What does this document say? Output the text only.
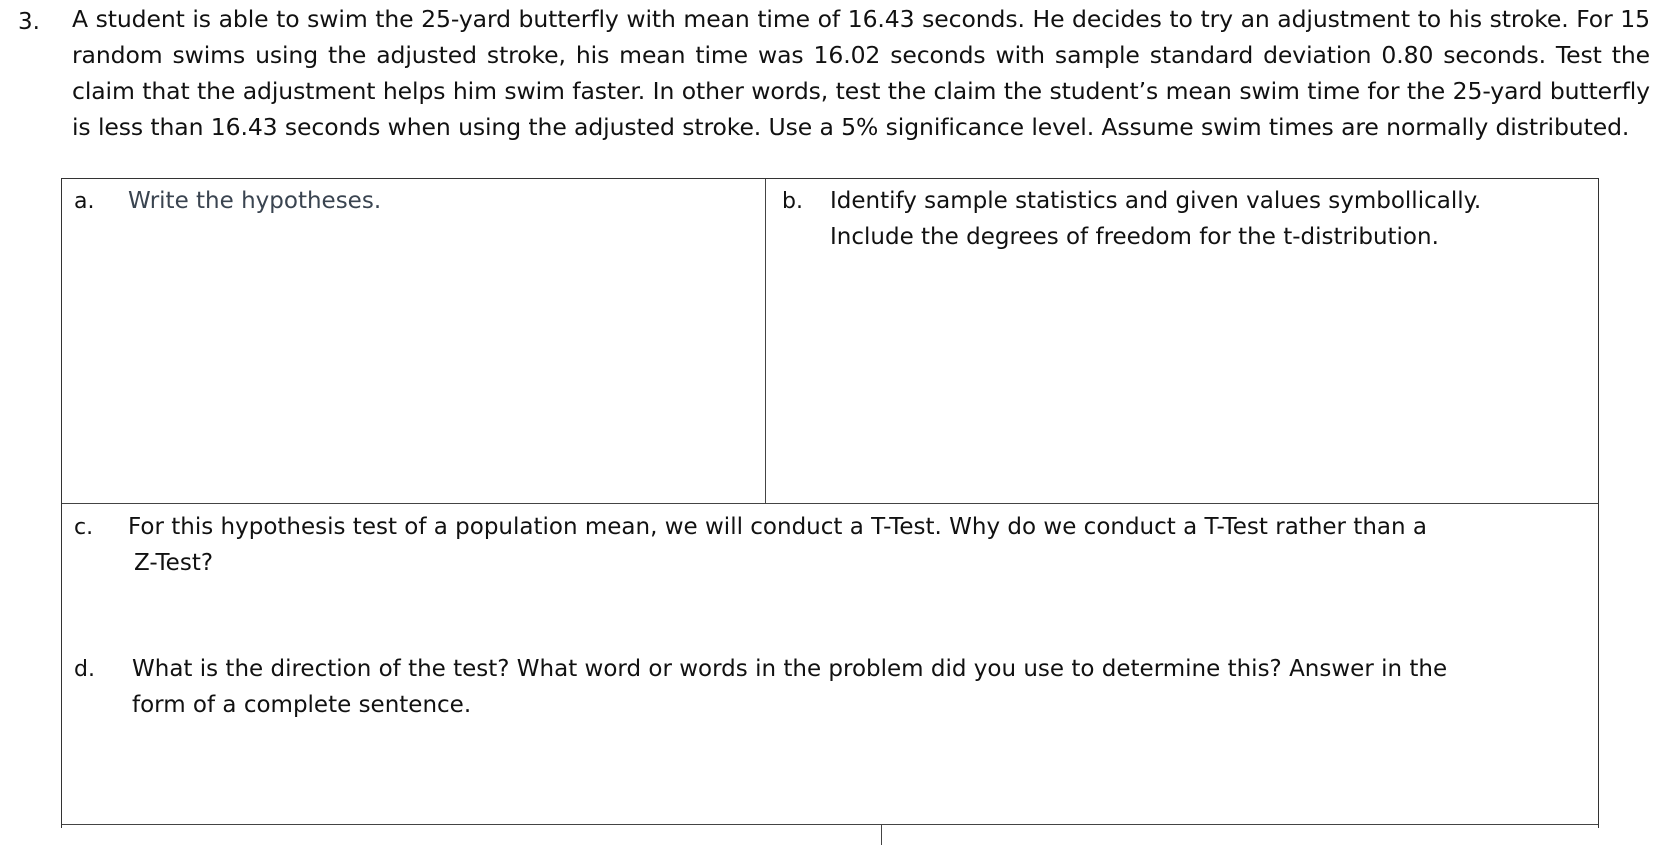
3. A student is able to swim the 25-yard butterfly with mean time of 16.43 seconds. He decides to try an adjustment to his stroke. For 15 random swims using the adjusted stroke, his mean time was 16.02 seconds with sample standard deviation 0.80 seconds. Test the claim that the adjustment helps him swim faster. In other words, test the claim the student’s mean swim time for the 25-yard butterfly is less than 16.43 seconds when using the adjusted stroke. Use a 5% significance level. Assume swim times are normally distributed.
a. Write the hypotheses.	b. Identify sample statistics and given values symbollically.
Include the degrees of freedom for the t-distribution.
c. For this hypothesis test of a population mean, we will conduct a T-Test. Why do we conduct a T-Test rather than a
Z-Test?
d. What is the direction of the test? What word or words in the problem did you use to determine this? Answer in the
form of a complete sentence.
